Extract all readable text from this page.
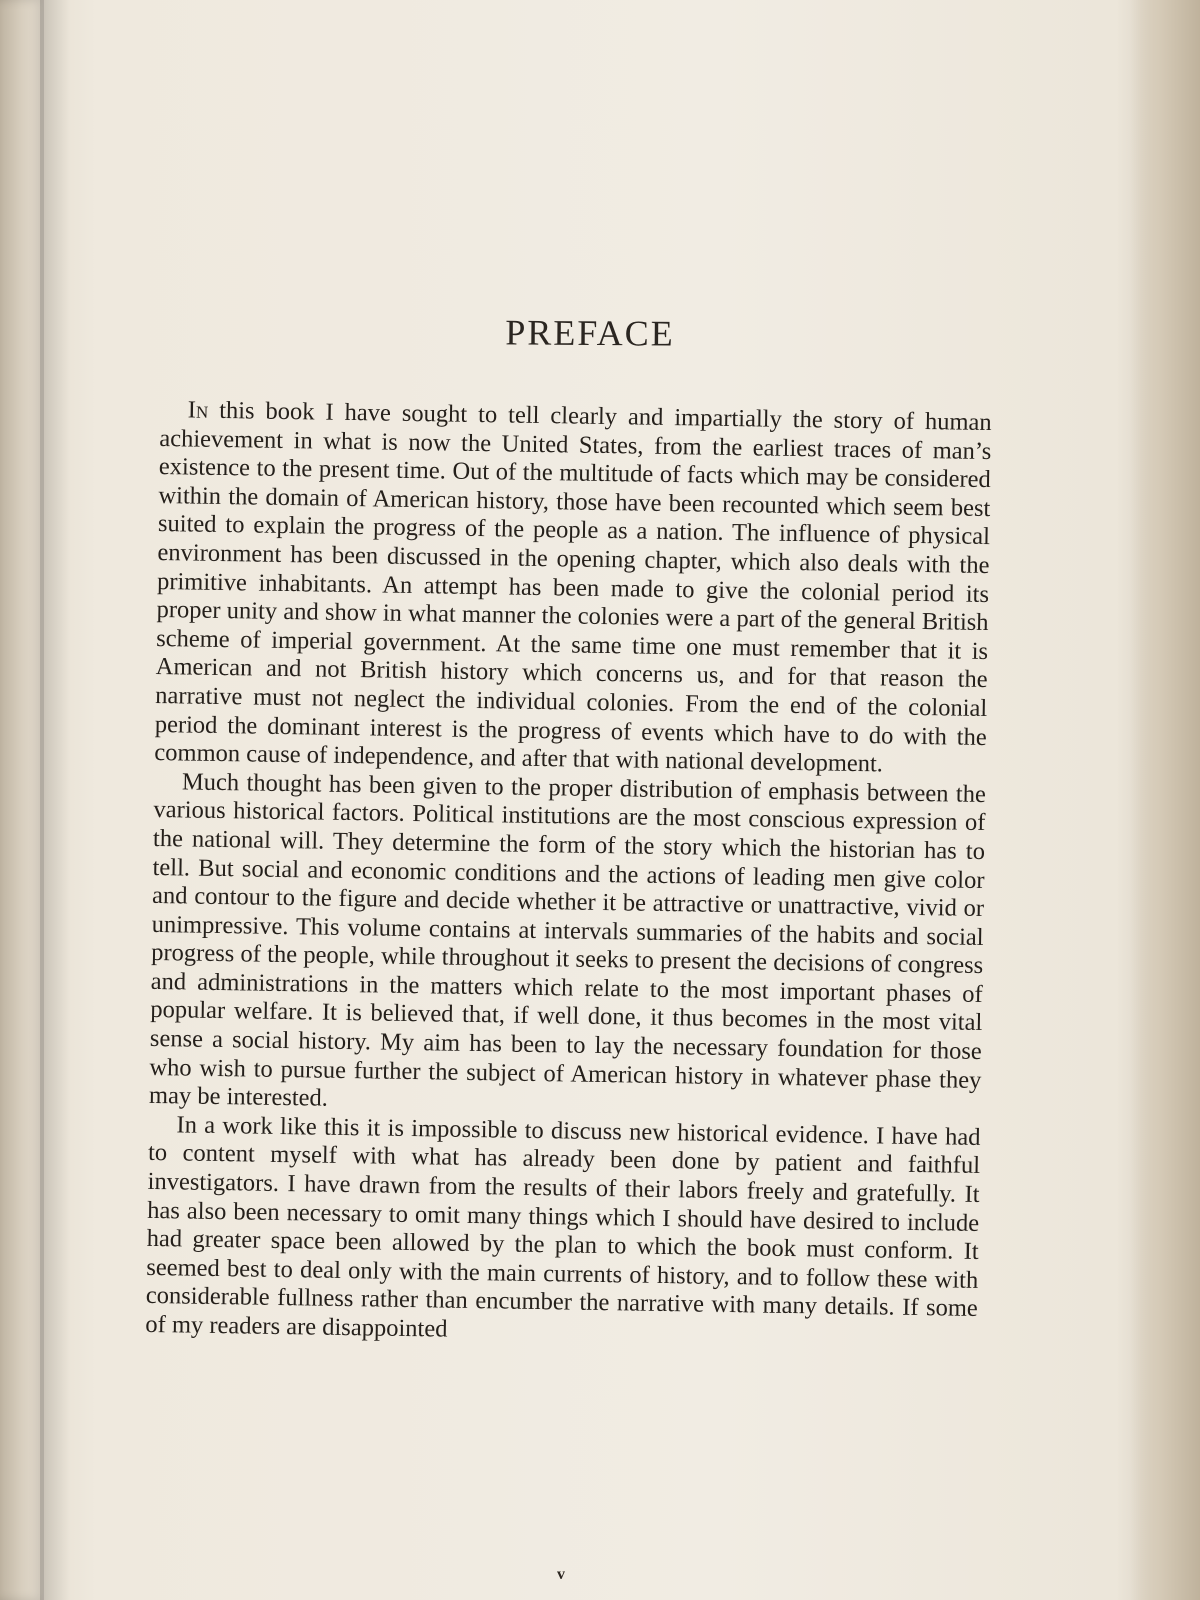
PREFACE

In this book I have sought to tell clearly and impartially the story of human achievement in what is now the United States, from the earliest traces of man’s existence to the present time. Out of the multitude of facts which may be considered within the domain of American history, those have been recounted which seem best suited to explain the progress of the people as a nation. The influence of physical environment has been discussed in the opening chapter, which also deals with the primitive inhabitants. An attempt has been made to give the colonial period its proper unity and show in what manner the colonies were a part of the general British scheme of imperial government. At the same time one must remember that it is American and not British history which concerns us, and for that reason the narrative must not neglect the individual colonies. From the end of the colonial period the dominant interest is the progress of events which have to do with the common cause of independence, and after that with national development.

Much thought has been given to the proper distribution of emphasis between the various historical factors. Political institutions are the most conscious expression of the national will. They determine the form of the story which the historian has to tell. But social and economic conditions and the actions of leading men give color and contour to the figure and decide whether it be attractive or unattractive, vivid or unimpressive. This volume contains at intervals summaries of the habits and social progress of the people, while throughout it seeks to present the decisions of congress and administrations in the matters which relate to the most important phases of popular welfare. It is believed that, if well done, it thus becomes in the most vital sense a social history. My aim has been to lay the necessary foundation for those who wish to pursue further the subject of American history in whatever phase they may be interested.

In a work like this it is impossible to discuss new historical evidence. I have had to content myself with what has already been done by patient and faithful investigators. I have drawn from the results of their labors freely and gratefully. It has also been necessary to omit many things which I should have desired to include had greater space been allowed by the plan to which the book must conform. It seemed best to deal only with the main currents of history, and to follow these with considerable fullness rather than encumber the narrative with many details. If some of my readers are disappointed

v
